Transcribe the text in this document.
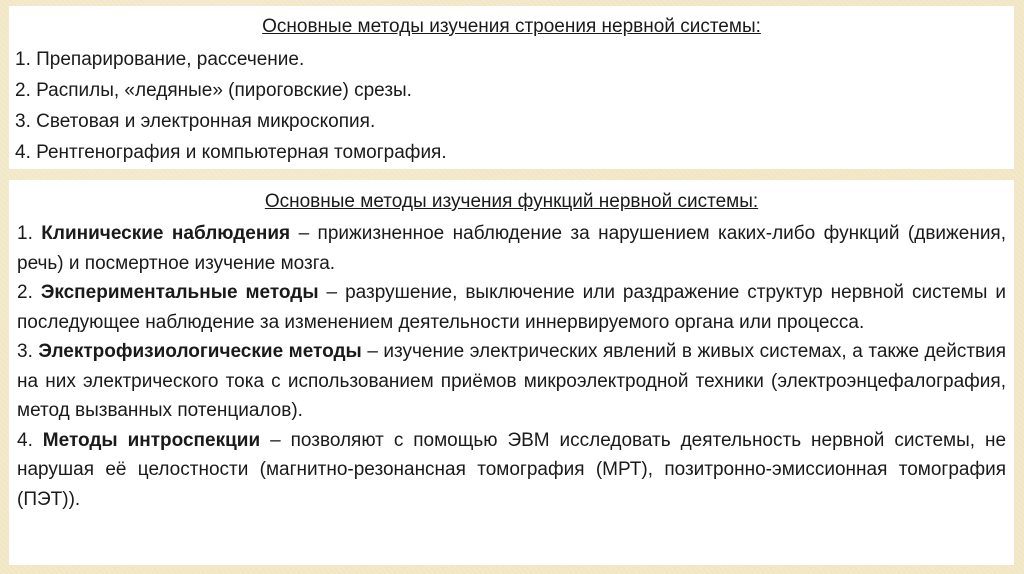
Основные методы изучения строения нервной системы:

1. Препарирование, рассечение.

2. Распилы, «ледяные» (пироговские) срезы.

3. Световая и электронная микроскопия.

4. Рентгенография и компьютерная томография.

Основные методы изучения функций нервной системы:

1. Клинические наблюдения – прижизненное наблюдение за нарушением каких-либо функций (движения, речь) и посмертное изучение мозга.

2. Экспериментальные методы – разрушение, выключение или раздражение структур нервной системы и последующее наблюдение за изменением деятельности иннервируемого органа или процесса.

3. Электрофизиологические методы – изучение электрических явлений в живых системах, а также действия на них электрического тока с использованием приёмов микроэлектродной техники (электроэнцефалография, метод вызванных потенциалов).

4. Методы интроспекции – позволяют с помощью ЭВМ исследовать деятельность нервной системы, не нарушая её целостности (магнитно-резонансная томография (МРТ), позитронно-эмиссионная томография (ПЭТ)).
